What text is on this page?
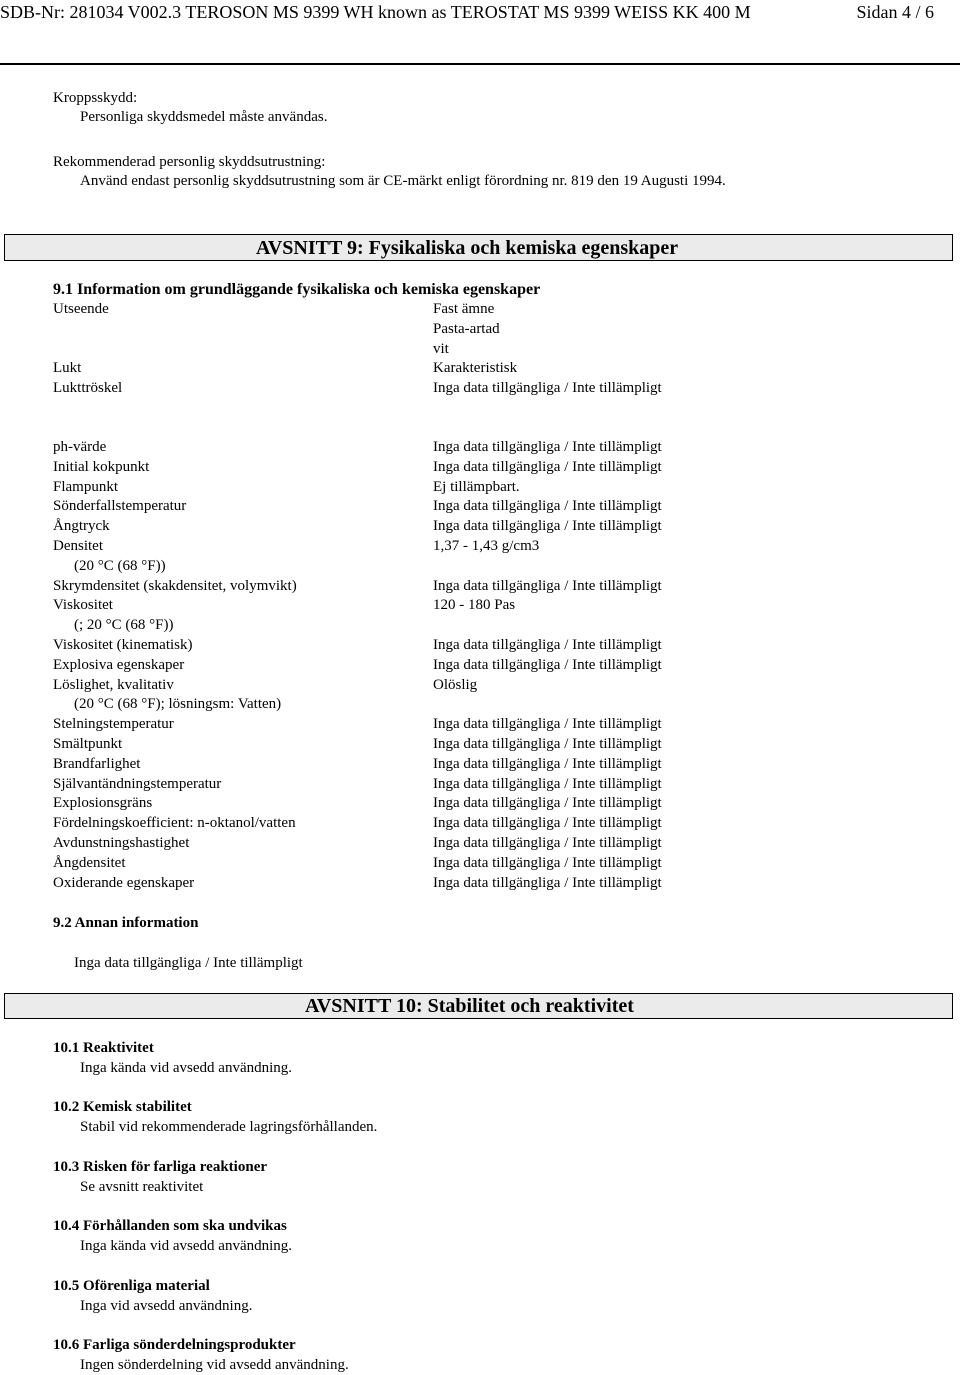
SDB-Nr: 281034 V002.3 TEROSON MS 9399 WH known as TEROSTAT MS 9399 WEISS KK 400 M	Sidan 4 / 6
Kroppsskydd:
Personliga skyddsmedel måste användas.
Rekommenderad personlig skyddsutrustning:
Använd endast personlig skyddsutrustning som är CE-märkt enligt förordning nr. 819 den 19 Augusti 1994.
AVSNITT 9: Fysikaliska och kemiska egenskaper
9.1 Information om grundläggande fysikaliska och kemiska egenskaper
Utseende	Fast ämne
Pasta-artad
vit
Lukt	Karakteristisk
Lukttröskel	Inga data tillgängliga / Inte tillämpligt
ph-värde	Inga data tillgängliga / Inte tillämpligt
Initial kokpunkt	Inga data tillgängliga / Inte tillämpligt
Flampunkt	Ej tillämpbart.
Sönderfallstemperatur	Inga data tillgängliga / Inte tillämpligt
Ångtryck	Inga data tillgängliga / Inte tillämpligt
Densitet	1,37 - 1,43 g/cm3
(20 °C (68 °F))
Skrymdensitet (skakdensitet, volymvikt)	Inga data tillgängliga / Inte tillämpligt
Viskositet	120 - 180 Pas
(; 20 °C (68 °F))
Viskositet (kinematisk)	Inga data tillgängliga / Inte tillämpligt
Explosiva egenskaper	Inga data tillgängliga / Inte tillämpligt
Löslighet, kvalitativ	Olöslig
(20 °C (68 °F); lösningsm: Vatten)
Stelningstemperatur	Inga data tillgängliga / Inte tillämpligt
Smältpunkt	Inga data tillgängliga / Inte tillämpligt
Brandfarlighet	Inga data tillgängliga / Inte tillämpligt
Självantändningstemperatur	Inga data tillgängliga / Inte tillämpligt
Explosionsgräns	Inga data tillgängliga / Inte tillämpligt
Fördelningskoefficient: n-oktanol/vatten	Inga data tillgängliga / Inte tillämpligt
Avdunstningshastighet	Inga data tillgängliga / Inte tillämpligt
Ångdensitet	Inga data tillgängliga / Inte tillämpligt
Oxiderande egenskaper	Inga data tillgängliga / Inte tillämpligt
9.2 Annan information
Inga data tillgängliga / Inte tillämpligt
AVSNITT 10: Stabilitet och reaktivitet
10.1 Reaktivitet
Inga kända vid avsedd användning.
10.2 Kemisk stabilitet
Stabil vid rekommenderade lagringsförhållanden.
10.3 Risken för farliga reaktioner
Se avsnitt reaktivitet
10.4 Förhållanden som ska undvikas
Inga kända vid avsedd användning.
10.5 Oförenliga material
Inga vid avsedd användning.
10.6 Farliga sönderdelningsprodukter
Ingen sönderdelning vid avsedd användning.
